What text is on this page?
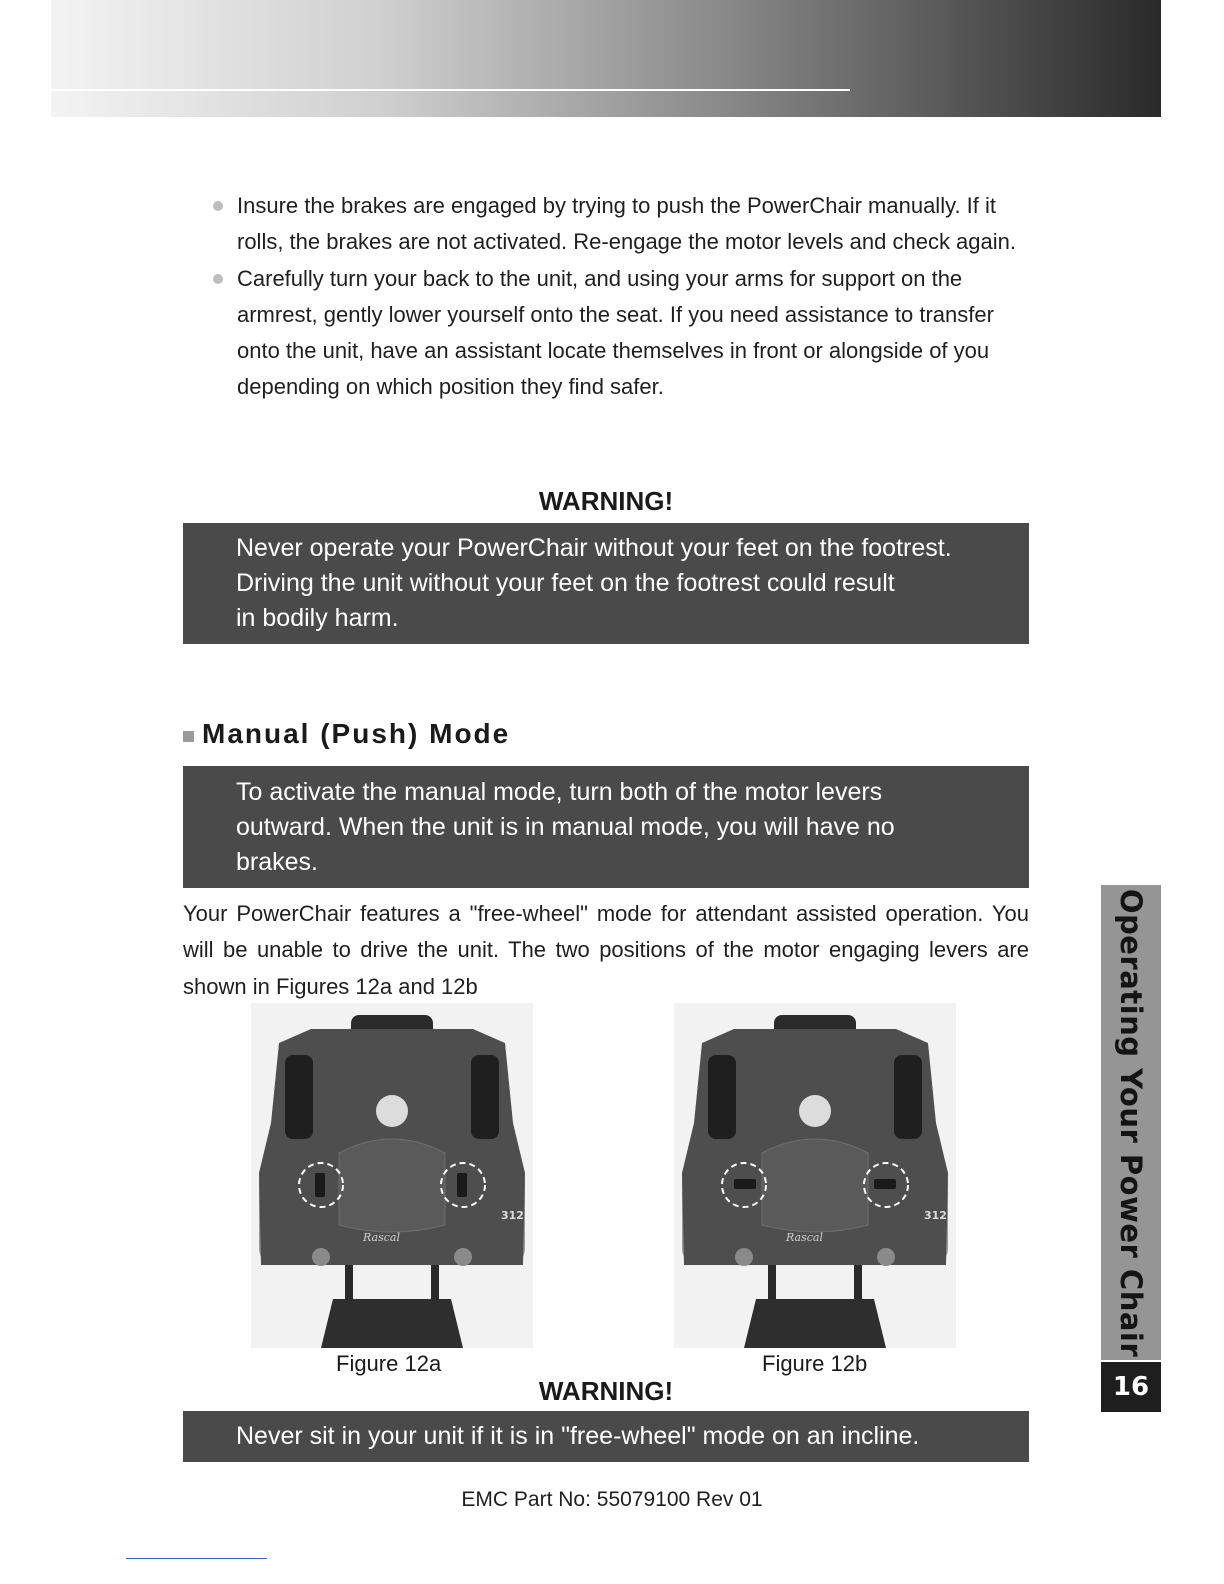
Insure the brakes are engaged by trying to push the PowerChair manually. If it rolls, the brakes are not activated. Re-engage the motor levels and check again.
Carefully turn your back to the unit, and using your arms for support on the armrest, gently lower yourself onto the seat. If you need assistance to transfer onto the unit, have an assistant locate themselves in front or alongside of you depending on which position they find safer.
WARNING!
Never operate your PowerChair without your feet on the footrest.
Driving the unit without your feet on the footrest could result
in bodily harm.
Manual (Push) Mode
To activate the manual mode, turn both of the motor levers
outward. When the unit is in manual mode, you will have no
brakes.
Your PowerChair features a "free-wheel" mode for attendant assisted operation. You will be unable to drive the unit. The two positions of the motor engaging levers are shown in Figures 12a and 12b
312
Rascal
Figure 12a
312
Rascal
Figure 12b
WARNING!
Never sit in your unit if it is in "free-wheel" mode on an incline.
EMC Part No: 55079100 Rev 01
Operating Your Power Chair
16
